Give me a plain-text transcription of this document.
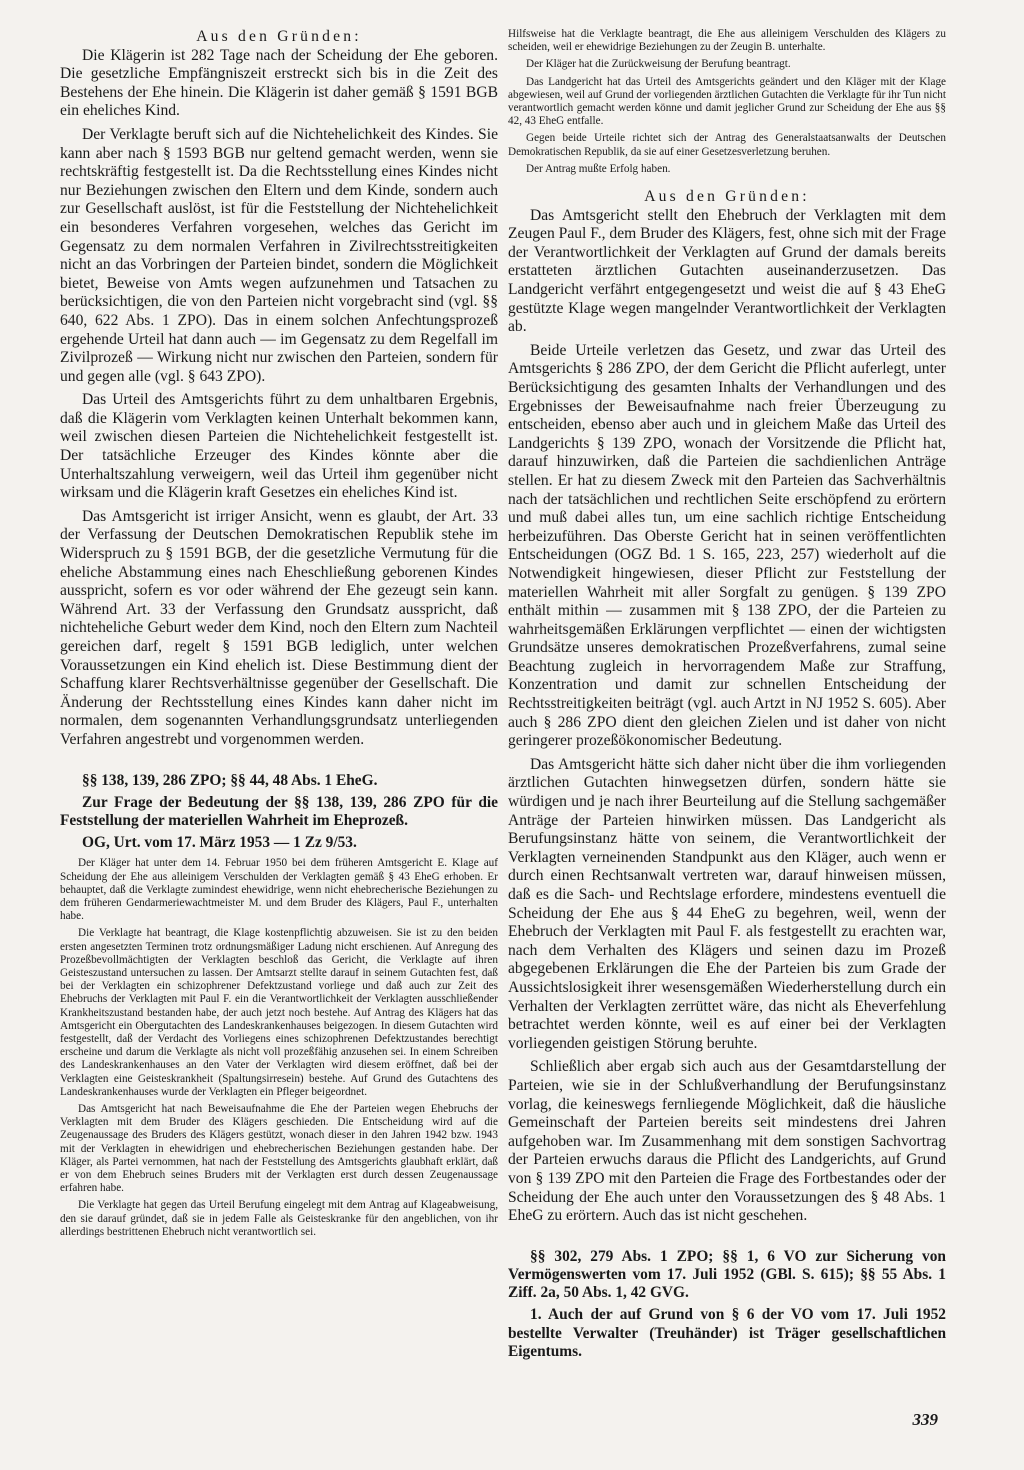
Aus den Gründen:

Die Klägerin ist 282 Tage nach der Scheidung der Ehe geboren. Die gesetzliche Empfängniszeit erstreckt sich bis in die Zeit des Bestehens der Ehe hinein. Die Klägerin ist daher gemäß § 1591 BGB ein eheliches Kind.

Der Verklagte beruft sich auf die Nichtehelichkeit des Kindes. Sie kann aber nach § 1593 BGB nur geltend gemacht werden, wenn sie rechtskräftig festgestellt ist. Da die Rechtsstellung eines Kindes nicht nur Beziehungen zwischen den Eltern und dem Kinde, sondern auch zur Gesellschaft auslöst, ist für die Feststellung der Nichtehelichkeit ein besonderes Verfahren vorgesehen, welches das Gericht im Gegensatz zu dem normalen Verfahren in Zivilrechtsstreitigkeiten nicht an das Vorbringen der Parteien bindet, sondern die Möglichkeit bietet, Beweise von Amts wegen aufzunehmen und Tatsachen zu berücksichtigen, die von den Parteien nicht vorgebracht sind (vgl. §§ 640, 622 Abs. 1 ZPO). Das in einem solchen Anfechtungsprozeß ergehende Urteil hat dann auch — im Gegensatz zu dem Regelfall im Zivilprozeß — Wirkung nicht nur zwischen den Parteien, sondern für und gegen alle (vgl. § 643 ZPO).

Das Urteil des Amtsgerichts führt zu dem unhaltbaren Ergebnis, daß die Klägerin vom Verklagten keinen Unterhalt bekommen kann, weil zwischen diesen Parteien die Nichtehelichkeit festgestellt ist. Der tatsächliche Erzeuger des Kindes könnte aber die Unterhaltszahlung verweigern, weil das Urteil ihm gegenüber nicht wirksam und die Klägerin kraft Gesetzes ein eheliches Kind ist.

Das Amtsgericht ist irriger Ansicht, wenn es glaubt, der Art. 33 der Verfassung der Deutschen Demokratischen Republik stehe im Widerspruch zu § 1591 BGB, der die gesetzliche Vermutung für die eheliche Abstammung eines nach Eheschließung geborenen Kindes ausspricht, sofern es vor oder während der Ehe gezeugt sein kann. Während Art. 33 der Verfassung den Grundsatz ausspricht, daß nichteheliche Geburt weder dem Kind, noch den Eltern zum Nachteil gereichen darf, regelt § 1591 BGB lediglich, unter welchen Voraussetzungen ein Kind ehelich ist. Diese Bestimmung dient der Schaffung klarer Rechtsverhältnisse gegenüber der Gesellschaft. Die Änderung der Rechtsstellung eines Kindes kann daher nicht im normalen, dem sogenannten Verhandlungsgrundsatz unterliegenden Verfahren angestrebt und vorgenommen werden.

§§ 138, 139, 286 ZPO; §§ 44, 48 Abs. 1 EheG.

Zur Frage der Bedeutung der §§ 138, 139, 286 ZPO für die Feststellung der materiellen Wahrheit im Eheprozeß.

OG, Urt. vom 17. März 1953 — 1 Zz 9/53.

Der Kläger hat unter dem 14. Februar 1950 bei dem früheren Amtsgericht E. Klage auf Scheidung der Ehe aus alleinigem Verschulden der Verklagten gemäß § 43 EheG erhoben. Er behauptet, daß die Verklagte zumindest ehewidrige, wenn nicht ehebrecherische Beziehungen zu dem früheren Gendarmeriewachtmeister M. und dem Bruder des Klägers, Paul F., unterhalten habe.

Die Verklagte hat beantragt, die Klage kostenpflichtig abzuweisen. Sie ist zu den beiden ersten angesetzten Terminen trotz ordnungsmäßiger Ladung nicht erschienen. Auf Anregung des Prozeßbevollmächtigten der Verklagten beschloß das Gericht, die Verklagte auf ihren Geisteszustand untersuchen zu lassen. Der Amtsarzt stellte darauf in seinem Gutachten fest, daß bei der Verklagten ein schizophrener Defektzustand vorliege und daß auch zur Zeit des Ehebruchs der Verklagten mit Paul F. ein die Verantwortlichkeit der Verklagten ausschließender Krankheitszustand bestanden habe, der auch jetzt noch bestehe. Auf Antrag des Klägers hat das Amtsgericht ein Obergutachten des Landeskrankenhauses beigezogen. In diesem Gutachten wird festgestellt, daß der Verdacht des Vorliegens eines schizophrenen Defektzustandes berechtigt erscheine und darum die Verklagte als nicht voll prozeßfähig anzusehen sei. In einem Schreiben des Landeskrankenhauses an den Vater der Verklagten wird diesem eröffnet, daß bei der Verklagten eine Geisteskrankheit (Spaltungsirresein) bestehe. Auf Grund des Gutachtens des Landeskrankenhauses wurde der Verklagten ein Pfleger beigeordnet.

Das Amtsgericht hat nach Beweisaufnahme die Ehe der Parteien wegen Ehebruchs der Verklagten mit dem Bruder des Klägers geschieden. Die Entscheidung wird auf die Zeugenaussage des Bruders des Klägers gestützt, wonach dieser in den Jahren 1942 bzw. 1943 mit der Verklagten in ehewidrigen und ehebrecherischen Beziehungen gestanden habe. Der Kläger, als Partei vernommen, hat nach der Feststellung des Amtsgerichts glaubhaft erklärt, daß er von dem Ehebruch seines Bruders mit der Verklagten erst durch dessen Zeugenaussage erfahren habe.

Die Verklagte hat gegen das Urteil Berufung eingelegt mit dem Antrag auf Klageabweisung, den sie darauf gründet, daß sie in jedem Falle als Geisteskranke für den angeblichen, von ihr allerdings bestrittenen Ehebruch nicht verantwortlich sei.

Hilfsweise hat die Verklagte beantragt, die Ehe aus alleinigem Verschulden des Klägers zu scheiden, weil er ehewidrige Beziehungen zu der Zeugin B. unterhalte.

Der Kläger hat die Zurückweisung der Berufung beantragt.

Das Landgericht hat das Urteil des Amtsgerichts geändert und den Kläger mit der Klage abgewiesen, weil auf Grund der vorliegenden ärztlichen Gutachten die Verklagte für ihr Tun nicht verantwortlich gemacht werden könne und damit jeglicher Grund zur Scheidung der Ehe aus §§ 42, 43 EheG entfalle.

Gegen beide Urteile richtet sich der Antrag des Generalstaatsanwalts der Deutschen Demokratischen Republik, da sie auf einer Gesetzesverletzung beruhen.

Der Antrag mußte Erfolg haben.

Aus den Gründen:

Das Amtsgericht stellt den Ehebruch der Verklagten mit dem Zeugen Paul F., dem Bruder des Klägers, fest, ohne sich mit der Frage der Verantwortlichkeit der Verklagten auf Grund der damals bereits erstatteten ärztlichen Gutachten auseinanderzusetzen. Das Landgericht verfährt entgegengesetzt und weist die auf § 43 EheG gestützte Klage wegen mangelnder Verantwortlichkeit der Verklagten ab.

Beide Urteile verletzen das Gesetz, und zwar das Urteil des Amtsgerichts § 286 ZPO, der dem Gericht die Pflicht auferlegt, unter Berücksichtigung des gesamten Inhalts der Verhandlungen und des Ergebnisses der Beweisaufnahme nach freier Überzeugung zu entscheiden, ebenso aber auch und in gleichem Maße das Urteil des Landgerichts § 139 ZPO, wonach der Vorsitzende die Pflicht hat, darauf hinzuwirken, daß die Parteien die sachdienlichen Anträge stellen. Er hat zu diesem Zweck mit den Parteien das Sachverhältnis nach der tatsächlichen und rechtlichen Seite erschöpfend zu erörtern und muß dabei alles tun, um eine sachlich richtige Entscheidung herbeizuführen. Das Oberste Gericht hat in seinen veröffentlichten Entscheidungen (OGZ Bd. 1 S. 165, 223, 257) wiederholt auf die Notwendigkeit hingewiesen, dieser Pflicht zur Feststellung der materiellen Wahrheit mit aller Sorgfalt zu genügen. § 139 ZPO enthält mithin — zusammen mit § 138 ZPO, der die Parteien zu wahrheitsgemäßen Erklärungen verpflichtet — einen der wichtigsten Grundsätze unseres demokratischen Prozeßverfahrens, zumal seine Beachtung zugleich in hervorragendem Maße zur Straffung, Konzentration und damit zur schnellen Entscheidung der Rechtsstreitigkeiten beiträgt (vgl. auch Artzt in NJ 1952 S. 605). Aber auch § 286 ZPO dient den gleichen Zielen und ist daher von nicht geringerer prozeßökonomischer Bedeutung.

Das Amtsgericht hätte sich daher nicht über die ihm vorliegenden ärztlichen Gutachten hinwegsetzen dürfen, sondern hätte sie würdigen und je nach ihrer Beurteilung auf die Stellung sachgemäßer Anträge der Parteien hinwirken müssen. Das Landgericht als Berufungsinstanz hätte von seinem, die Verantwortlichkeit der Verklagten verneinenden Standpunkt aus den Kläger, auch wenn er durch einen Rechtsanwalt vertreten war, darauf hinweisen müssen, daß es die Sach- und Rechtslage erfordere, mindestens eventuell die Scheidung der Ehe aus § 44 EheG zu begehren, weil, wenn der Ehebruch der Verklagten mit Paul F. als festgestellt zu erachten war, nach dem Verhalten des Klägers und seinen dazu im Prozeß abgegebenen Erklärungen die Ehe der Parteien bis zum Grade der Aussichtslosigkeit ihrer wesensgemäßen Wiederherstellung durch ein Verhalten der Verklagten zerrüttet wäre, das nicht als Eheverfehlung betrachtet werden könnte, weil es auf einer bei der Verklagten vorliegenden geistigen Störung beruhte.

Schließlich aber ergab sich auch aus der Gesamtdarstellung der Parteien, wie sie in der Schlußverhandlung der Berufungsinstanz vorlag, die keineswegs fernliegende Möglichkeit, daß die häusliche Gemeinschaft der Parteien bereits seit mindestens drei Jahren aufgehoben war. Im Zusammenhang mit dem sonstigen Sachvortrag der Parteien erwuchs daraus die Pflicht des Landgerichts, auf Grund von § 139 ZPO mit den Parteien die Frage des Fortbestandes oder der Scheidung der Ehe auch unter den Voraussetzungen des § 48 Abs. 1 EheG zu erörtern. Auch das ist nicht geschehen.

§§ 302, 279 Abs. 1 ZPO; §§ 1, 6 VO zur Sicherung von Vermögenswerten vom 17. Juli 1952 (GBl. S. 615); §§ 55 Abs. 1 Ziff. 2a, 50 Abs. 1, 42 GVG.

1. Auch der auf Grund von § 6 der VO vom 17. Juli 1952 bestellte Verwalter (Treuhänder) ist Träger gesellschaftlichen Eigentums.

339
